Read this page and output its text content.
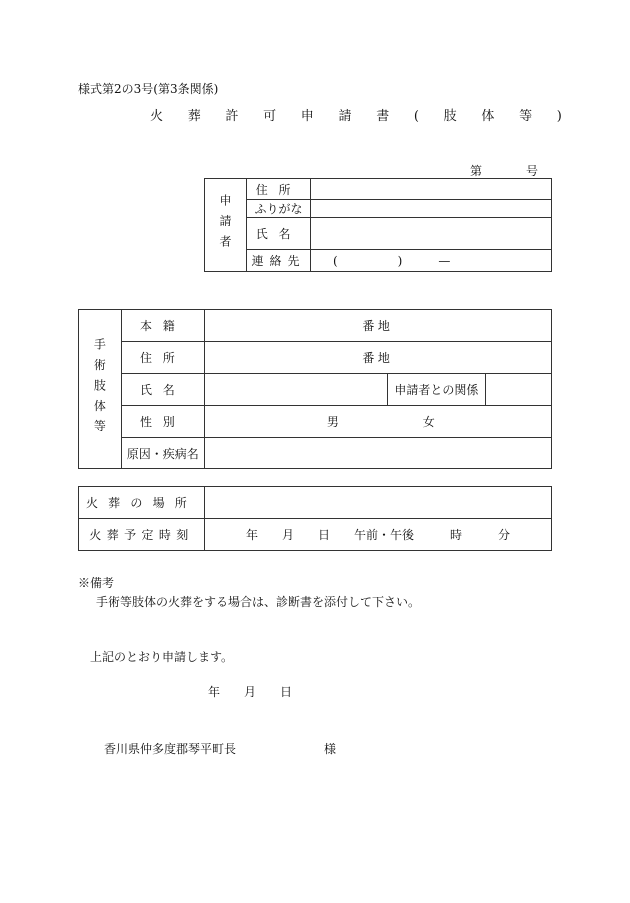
様式第2の3号(第3条関係)
火葬許可申請書(肢体等)
第	号
申請者	住所	
	ふりがな	
	氏名	
	連絡先	(　　　　　)　　　—
手術肢体等	本籍	番地		
	住所	番地		
	氏名		申請者との関係	
	性別	男 女		
	原因・疾病名			
火葬の場所	
火葬予定時刻	年　　月　　日　　午前・午後　　　時　　　分
※備考
手術等肢体の火葬をする場合は、診断書を添付して下さい。
上記のとおり申請します。
年　　月　　日
香川県仲多度郡琴平町長	様
